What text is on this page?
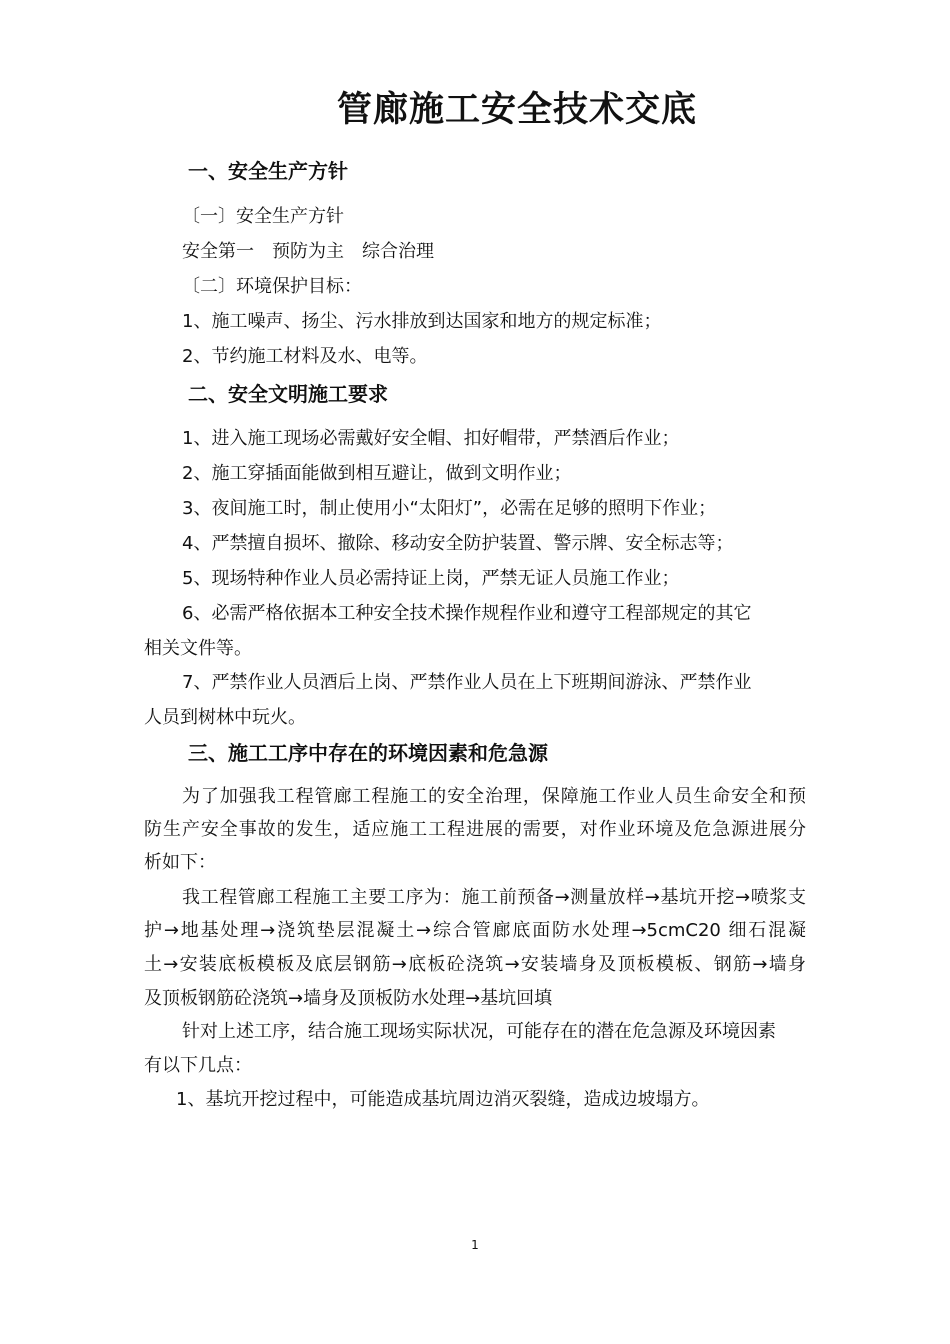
管廊施工安全技术交底
一、安全生产方针
〔一〕安全生产方针
安全第一　预防为主　综合治理
〔二〕环境保护目标：
1、施工噪声、扬尘、污水排放到达国家和地方的规定标准；
2、节约施工材料及水、电等。
二、安全文明施工要求
1、进入施工现场必需戴好安全帽、扣好帽带，严禁酒后作业；
2、施工穿插面能做到相互避让，做到文明作业；
3、夜间施工时，制止使用小“太阳灯”，必需在足够的照明下作业；
4、严禁擅自损坏、撤除、移动安全防护装置、警示牌、安全标志等；
5、现场特种作业人员必需持证上岗，严禁无证人员施工作业；
6、必需严格依据本工种安全技术操作规程作业和遵守工程部规定的其它
相关文件等。
7、严禁作业人员酒后上岗、严禁作业人员在上下班期间游泳、严禁作业
人员到树林中玩火。
三、施工工序中存在的环境因素和危急源
为了加强我工程管廊工程施工的安全治理，保障施工作业人员生命安全和预
防生产安全事故的发生，适应施工工程进展的需要，对作业环境及危急源进展分
析如下：
我工程管廊工程施工主要工序为：施工前预备→测量放样→基坑开挖→喷浆支
护→地基处理→浇筑垫层混凝土→综合管廊底面防水处理→5cmC20 细石混凝
土→安装底板模板及底层钢筋→底板砼浇筑→安装墙身及顶板模板、钢筋→墙身
及顶板钢筋砼浇筑→墙身及顶板防水处理→基坑回填
针对上述工序，结合施工现场实际状况，可能存在的潜在危急源及环境因素
有以下几点：
1、基坑开挖过程中，可能造成基坑周边消灭裂缝，造成边坡塌方。
1
